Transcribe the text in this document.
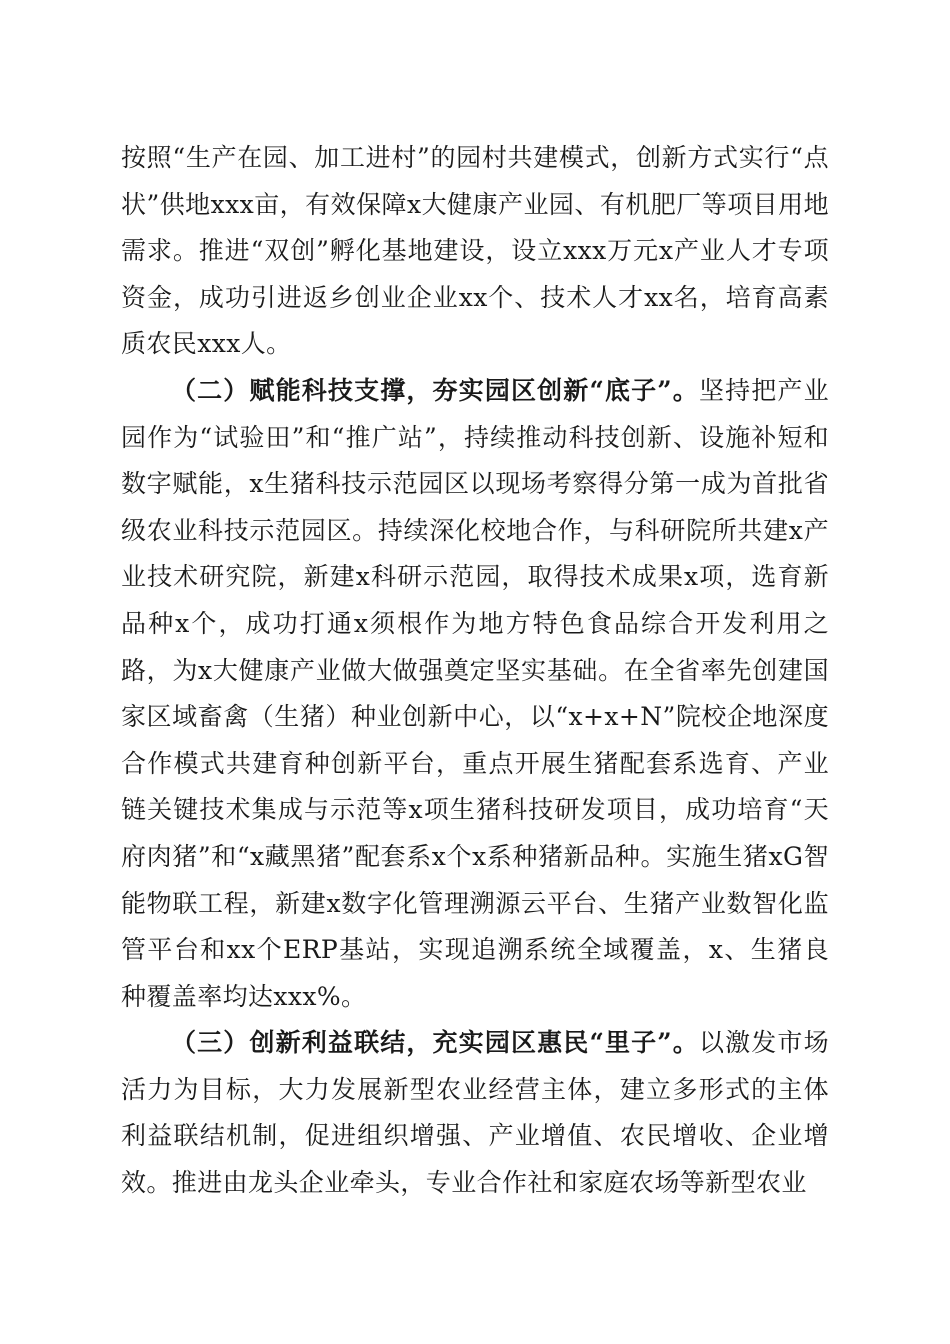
按照“生产在园、加工进村”的园村共建模式，创新方式实行“点状”供地xxx亩，有效保障x大健康产业园、有机肥厂等项目用地需求。推进“双创”孵化基地建设，设立xxx万元x产业人才专项资金，成功引进返乡创业企业xx个、技术人才xx名，培育高素质农民xxx人。

（二）赋能科技支撑，夯实园区创新“底子”。坚持把产业园作为“试验田”和“推广站”，持续推动科技创新、设施补短和数字赋能，x生猪科技示范园区以现场考察得分第一成为首批省级农业科技示范园区。持续深化校地合作，与科研院所共建x产业技术研究院，新建x科研示范园，取得技术成果x项，选育新品种x个，成功打通x须根作为地方特色食品综合开发利用之路，为x大健康产业做大做强奠定坚实基础。在全省率先创建国家区域畜禽（生猪）种业创新中心，以“x+x+N”院校企地深度合作模式共建育种创新平台，重点开展生猪配套系选育、产业链关键技术集成与示范等x项生猪科技研发项目，成功培育“天府肉猪”和“x藏黑猪”配套系x个x系种猪新品种。实施生猪xG智能物联工程，新建x数字化管理溯源云平台、生猪产业数智化监管平台和xx个ERP基站，实现追溯系统全域覆盖，x、生猪良种覆盖率均达xxx%。

（三）创新利益联结，充实园区惠民“里子”。以激发市场活力为目标，大力发展新型农业经营主体，建立多形式的主体利益联结机制，促进组织增强、产业增值、农民增收、企业增效。推进由龙头企业牵头，专业合作社和家庭农场等新型农业
